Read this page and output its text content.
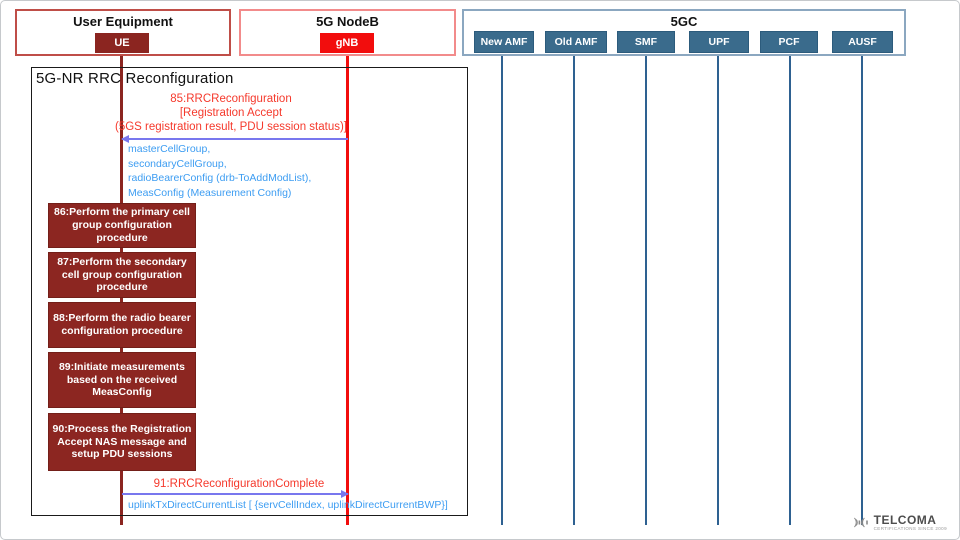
User Equipment
UE
5G NodeB
gNB
5GC
New AMF	Old AMF	SMF	UPF	PCF	AUSF
5G-NR RRC Reconfiguration
85:RRCReconfiguration
[Registration Accept
(5GS registration result, PDU session status)]
masterCellGroup,
secondaryCellGroup,
radioBearerConfig (drb-ToAddModList),
MeasConfig (Measurement Config)
86:Perform the primary cell group configuration procedure
87:Perform the secondary cell group configuration procedure
88:Perform the radio bearer configuration procedure
89:Initiate measurements based on the received MeasConfig
90:Process the Registration Accept NAS message and setup PDU sessions
91:RRCReconfigurationComplete
uplinkTxDirectCurrentList [ {servCellIndex, uplinkDirectCurrentBWP}]
TELCOMA
CERTIFICATIONS SINCE 2009
